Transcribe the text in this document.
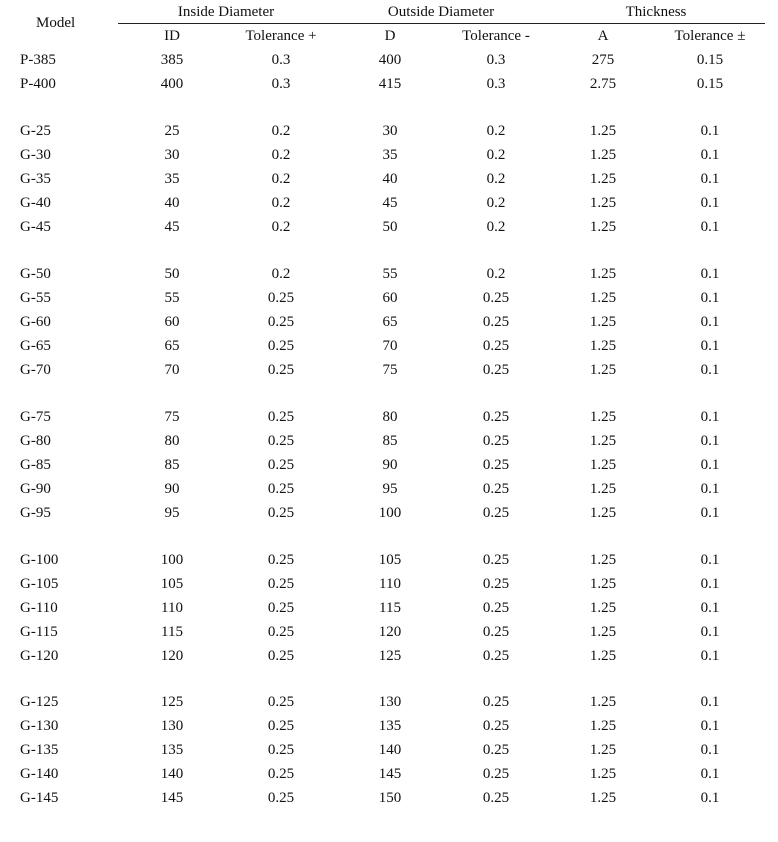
Model
Inside Diameter	Outside Diameter	Thickness
ID	Tolerance +	D	Tolerance -	A	Tolerance ±
P-385	385	0.3	400	0.3	275	0.15
P-400	400	0.3	415	0.3	2.75	0.15
G-25	25	0.2	30	0.2	1.25	0.1
G-30	30	0.2	35	0.2	1.25	0.1
G-35	35	0.2	40	0.2	1.25	0.1
G-40	40	0.2	45	0.2	1.25	0.1
G-45	45	0.2	50	0.2	1.25	0.1
G-50	50	0.2	55	0.2	1.25	0.1
G-55	55	0.25	60	0.25	1.25	0.1
G-60	60	0.25	65	0.25	1.25	0.1
G-65	65	0.25	70	0.25	1.25	0.1
G-70	70	0.25	75	0.25	1.25	0.1
G-75	75	0.25	80	0.25	1.25	0.1
G-80	80	0.25	85	0.25	1.25	0.1
G-85	85	0.25	90	0.25	1.25	0.1
G-90	90	0.25	95	0.25	1.25	0.1
G-95	95	0.25	100	0.25	1.25	0.1
G-100	100	0.25	105	0.25	1.25	0.1
G-105	105	0.25	110	0.25	1.25	0.1
G-110	110	0.25	115	0.25	1.25	0.1
G-115	115	0.25	120	0.25	1.25	0.1
G-120	120	0.25	125	0.25	1.25	0.1
G-125	125	0.25	130	0.25	1.25	0.1
G-130	130	0.25	135	0.25	1.25	0.1
G-135	135	0.25	140	0.25	1.25	0.1
G-140	140	0.25	145	0.25	1.25	0.1
G-145	145	0.25	150	0.25	1.25	0.1
